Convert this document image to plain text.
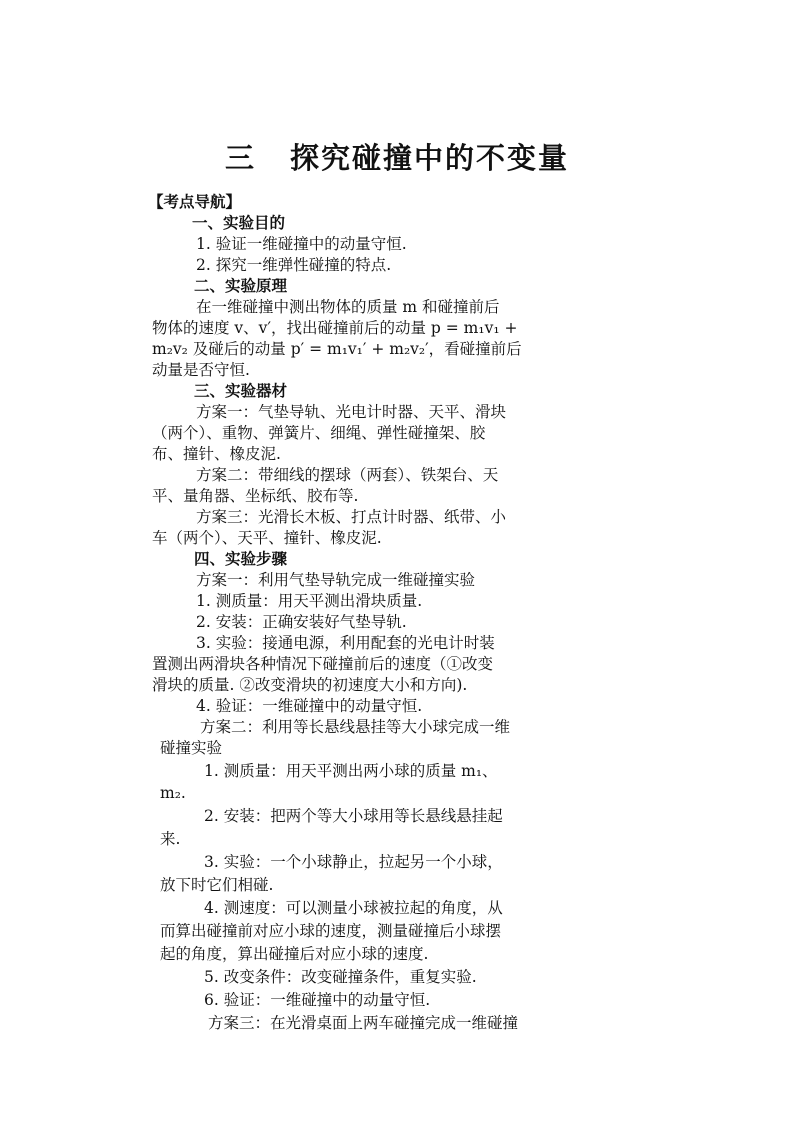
三 探究碰撞中的不变量
【考点导航】
一、实验目的
1. 验证一维碰撞中的动量守恒.
2. 探究一维弹性碰撞的特点.
二、实验原理
在一维碰撞中测出物体的质量 m 和碰撞前后
物体的速度 v、v′，找出碰撞前后的动量 p = m₁v₁ +
m₂v₂ 及碰后的动量 p′ = m₁v₁′ + m₂v₂′，看碰撞前后
动量是否守恒.
三、实验器材
方案一：气垫导轨、光电计时器、天平、滑块
（两个）、重物、弹簧片、细绳、弹性碰撞架、胶
布、撞针、橡皮泥.
方案二：带细线的摆球（两套）、铁架台、天
平、量角器、坐标纸、胶布等.
方案三：光滑长木板、打点计时器、纸带、小
车（两个）、天平、撞针、橡皮泥.
四、实验步骤
方案一：利用气垫导轨完成一维碰撞实验
1. 测质量：用天平测出滑块质量.
2. 安装：正确安装好气垫导轨.
3. 实验：接通电源，利用配套的光电计时装
置测出两滑块各种情况下碰撞前后的速度（①改变
滑块的质量. ②改变滑块的初速度大小和方向).
4. 验证：一维碰撞中的动量守恒.
方案二：利用等长悬线悬挂等大小球完成一维
碰撞实验
1. 测质量：用天平测出两小球的质量 m₁、
m₂.
2. 安装：把两个等大小球用等长悬线悬挂起
来.
3. 实验：一个小球静止，拉起另一个小球，
放下时它们相碰.
4. 测速度：可以测量小球被拉起的角度，从
而算出碰撞前对应小球的速度，测量碰撞后小球摆
起的角度，算出碰撞后对应小球的速度.
5. 改变条件：改变碰撞条件，重复实验.
6. 验证：一维碰撞中的动量守恒.
方案三：在光滑桌面上两车碰撞完成一维碰撞
